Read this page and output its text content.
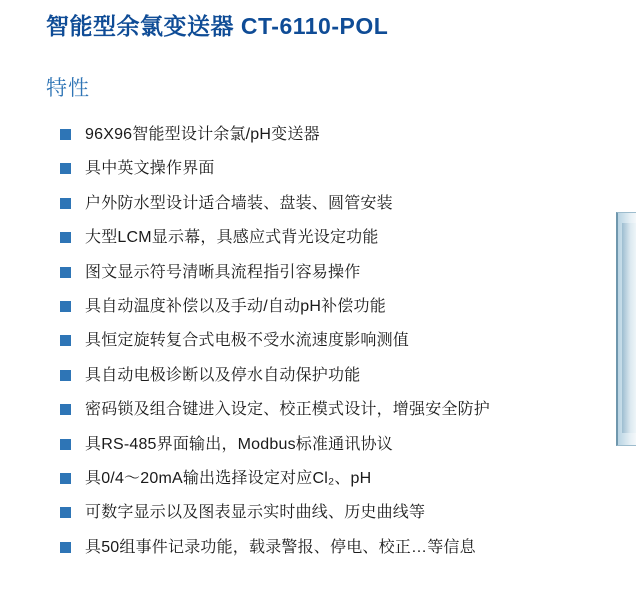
智能型余氯变送器 CT-6110-POL
特性
96X96智能型设计余氯/pH变送器
具中英文操作界面
户外防水型设计适合墙装、盘装、圆管安装
大型LCM显示幕，具感应式背光设定功能
图文显示符号清晰具流程指引容易操作
具自动温度补偿以及手动/自动pH补偿功能
具恒定旋转复合式电极不受水流速度影响测值
具自动电极诊断以及停水自动保护功能
密码锁及组合键进入设定、校正模式设计，增强安全防护
具RS-485界面输出，Modbus标准通讯协议
具0/4～20mA输出选择设定对应Cl₂、pH
可数字显示以及图表显示实时曲线、历史曲线等
具50组事件记录功能，载录警报、停电、校正…等信息
